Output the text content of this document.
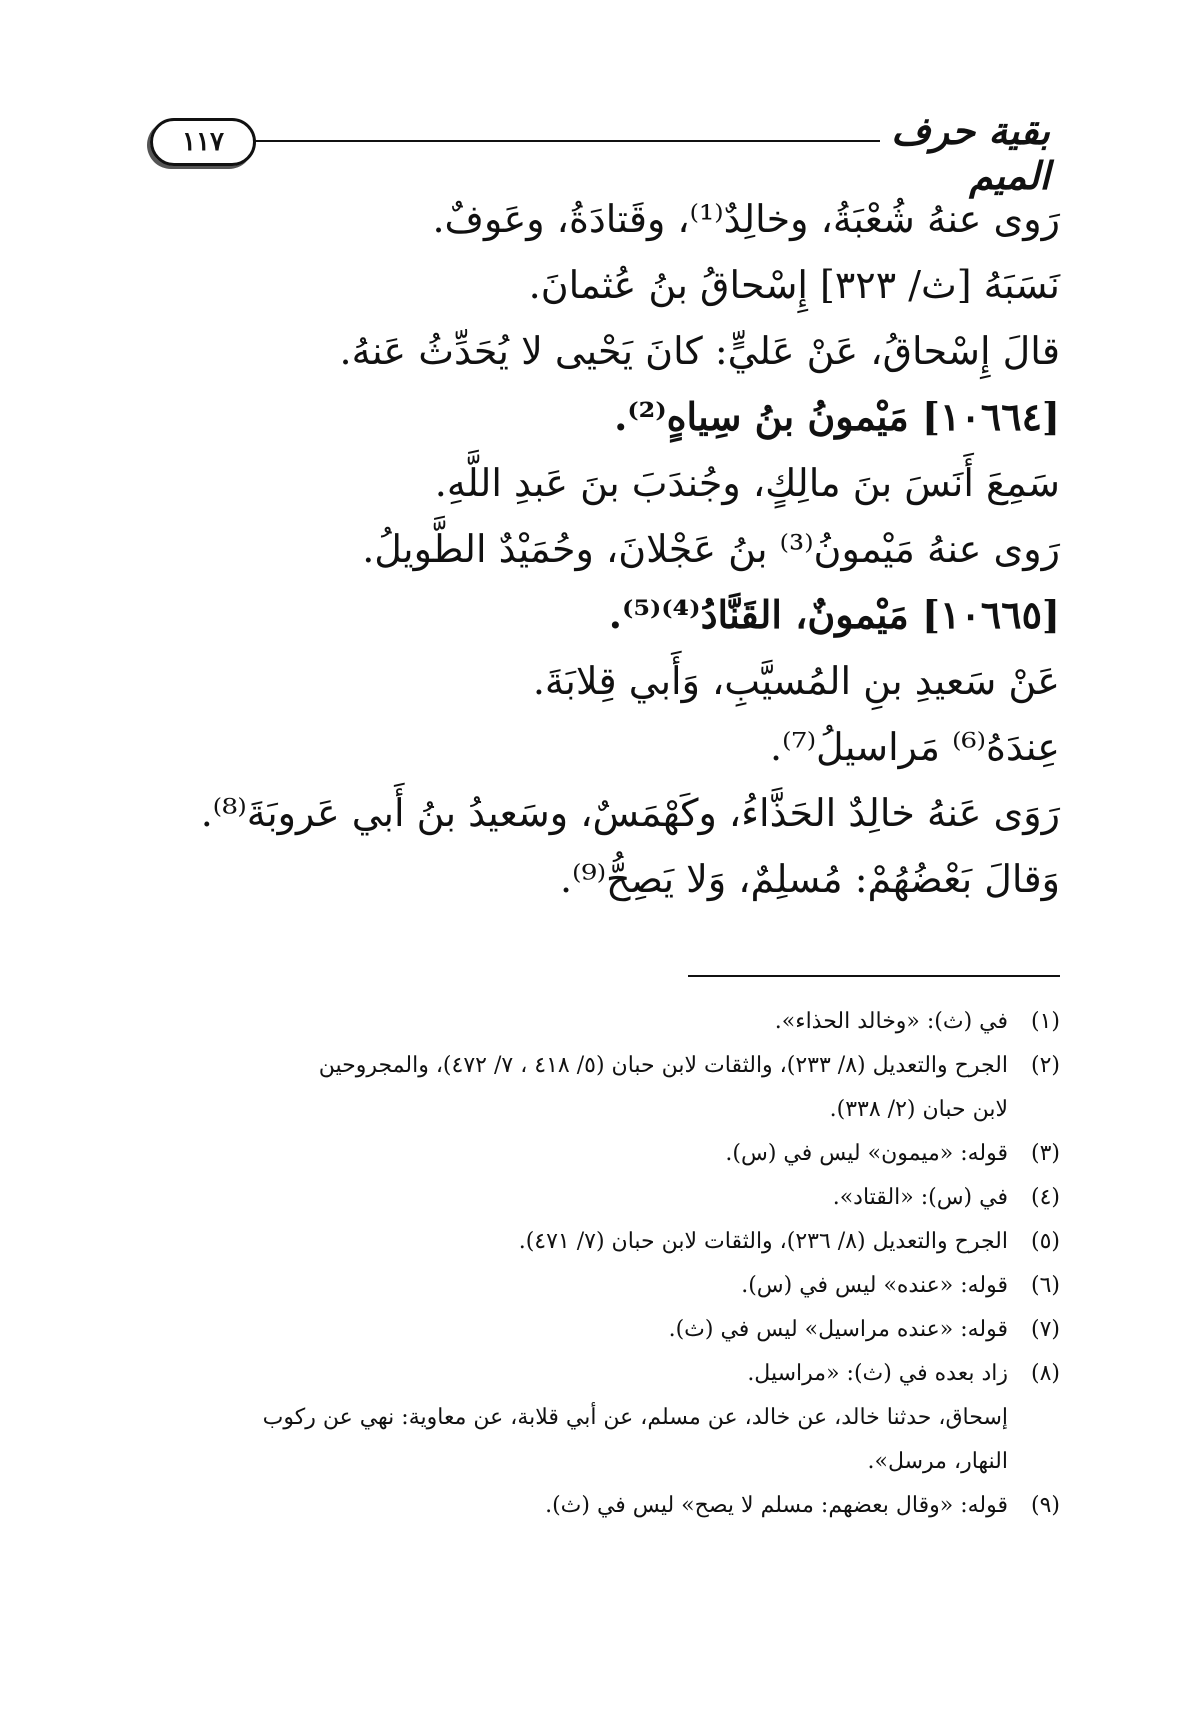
١١٧	بقية حرف الميم
رَوى عنهُ شُعْبَةُ، وخالِدٌ⁽¹⁾، وقَتادَةُ، وعَوفٌ.
نَسَبَهُ [ث/ ٣٢٣] إِسْحاقُ بنُ عُثمانَ.
قالَ إِسْحاقُ، عَنْ عَليٍّ: كانَ يَحْيى لا يُحَدِّثُ عَنهُ.
[١٠٦٦٤] مَيْمونُ بنُ سِياهٍ⁽²⁾.
سَمِعَ أَنَسَ بنَ مالِكٍ، وجُندَبَ بنَ عَبدِ اللَّهِ.
رَوى عنهُ مَيْمونُ⁽³⁾ بنُ عَجْلانَ، وحُمَيْدٌ الطَّويلُ.
[١٠٦٦٥] مَيْمونٌ، القَنَّادُ⁽⁴⁾⁽⁵⁾.
عَنْ سَعيدِ بنِ المُسيَّبِ، وَأَبي قِلابَةَ.
عِندَهُ⁽⁶⁾ مَراسيلُ⁽⁷⁾.
رَوَى عَنهُ خالِدٌ الحَذَّاءُ، وكَهْمَسٌ، وسَعيدُ بنُ أَبي عَروبَةَ⁽⁸⁾.
وَقالَ بَعْضُهُمْ: مُسلِمٌ، وَلا يَصِحُّ⁽⁹⁾.
(١)
في (ث): «وخالد الحذاء».
(٢)
الجرح والتعديل (٨/ ٢٣٣)، والثقات لابن حبان (٥/ ٤١٨ ، ٧/ ٤٧٢)، والمجروحين
لابن حبان (٢/ ٣٣٨).
(٣)
قوله: «ميمون» ليس في (س).
(٤)
في (س): «القتاد».
(٥)
الجرح والتعديل (٨/ ٢٣٦)، والثقات لابن حبان (٧/ ٤٧١).
(٦)
قوله: «عنده» ليس في (س).
(٧)
قوله: «عنده مراسيل» ليس في (ث).
(٨)
زاد بعده في (ث): «مراسيل.
إسحاق، حدثنا خالد، عن خالد، عن مسلم، عن أبي قلابة، عن معاوية: نهي عن ركوب
النهار، مرسل».
(٩)
قوله: «وقال بعضهم: مسلم لا يصح» ليس في (ث).
